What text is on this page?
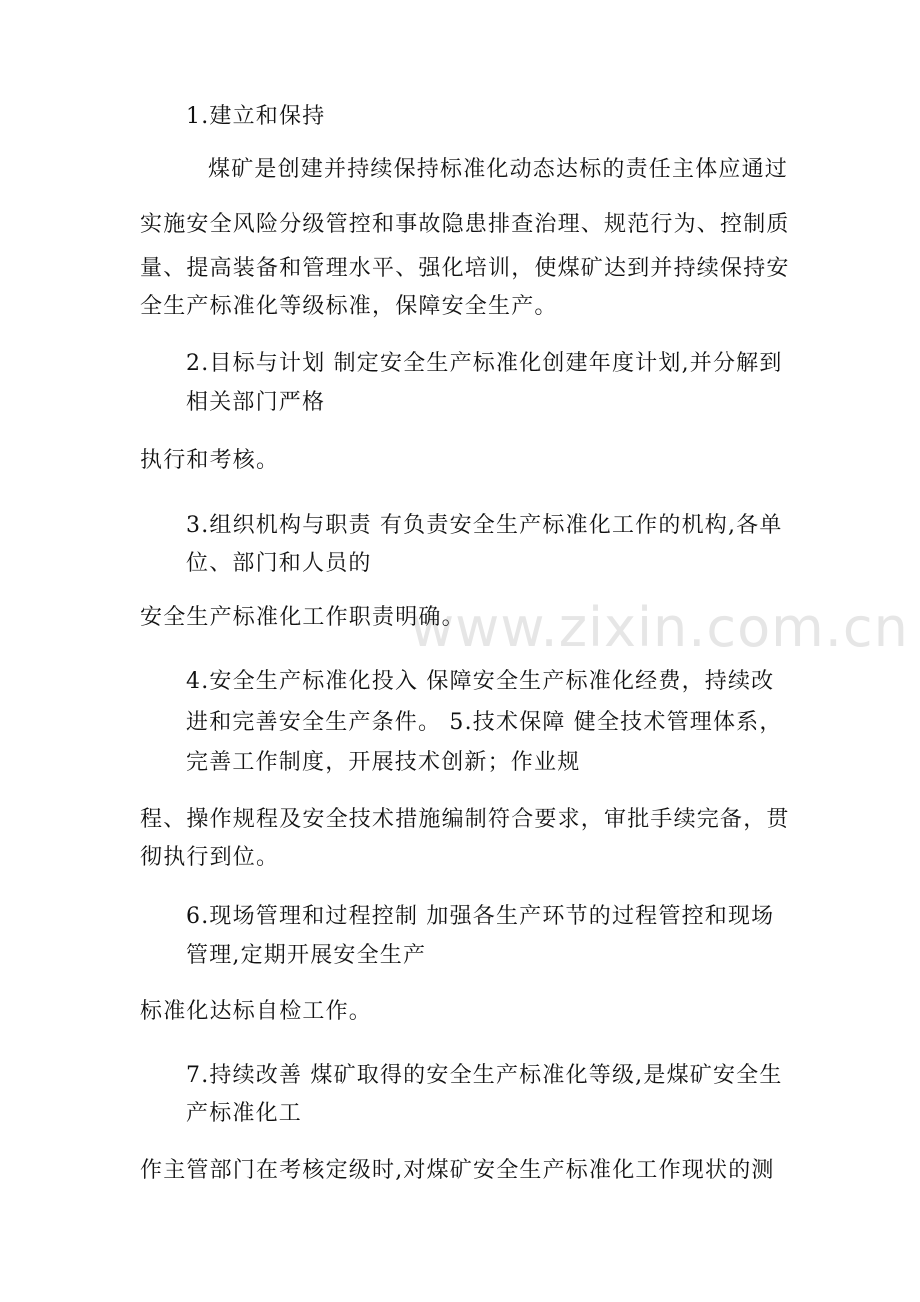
www.zixin.com.cn
1.建立和保持
煤矿是创建并持续保持标准化动态达标的责任主体应通过
实施安全风险分级管控和事故隐患排查治理、规范行为、控制质
量、提高装备和管理水平、强化培训，使煤矿达到并持续保持安
全生产标准化等级标准，保障安全生产。
2.目标与计划 制定安全生产标准化创建年度计划,并分解到
相关部门严格
执行和考核。
3.组织机构与职责 有负责安全生产标准化工作的机构,各单
位、部门和人员的
安全生产标准化工作职责明确。
4.安全生产标准化投入 保障安全生产标准化经费，持续改
进和完善安全生产条件。 5.技术保障 健全技术管理体系，
完善工作制度，开展技术创新；作业规
程、操作规程及安全技术措施编制符合要求，审批手续完备，贯
彻执行到位。
6.现场管理和过程控制 加强各生产环节的过程管控和现场
管理,定期开展安全生产
标准化达标自检工作。
7.持续改善 煤矿取得的安全生产标准化等级,是煤矿安全生
产标准化工
作主管部门在考核定级时,对煤矿安全生产标准化工作现状的测
